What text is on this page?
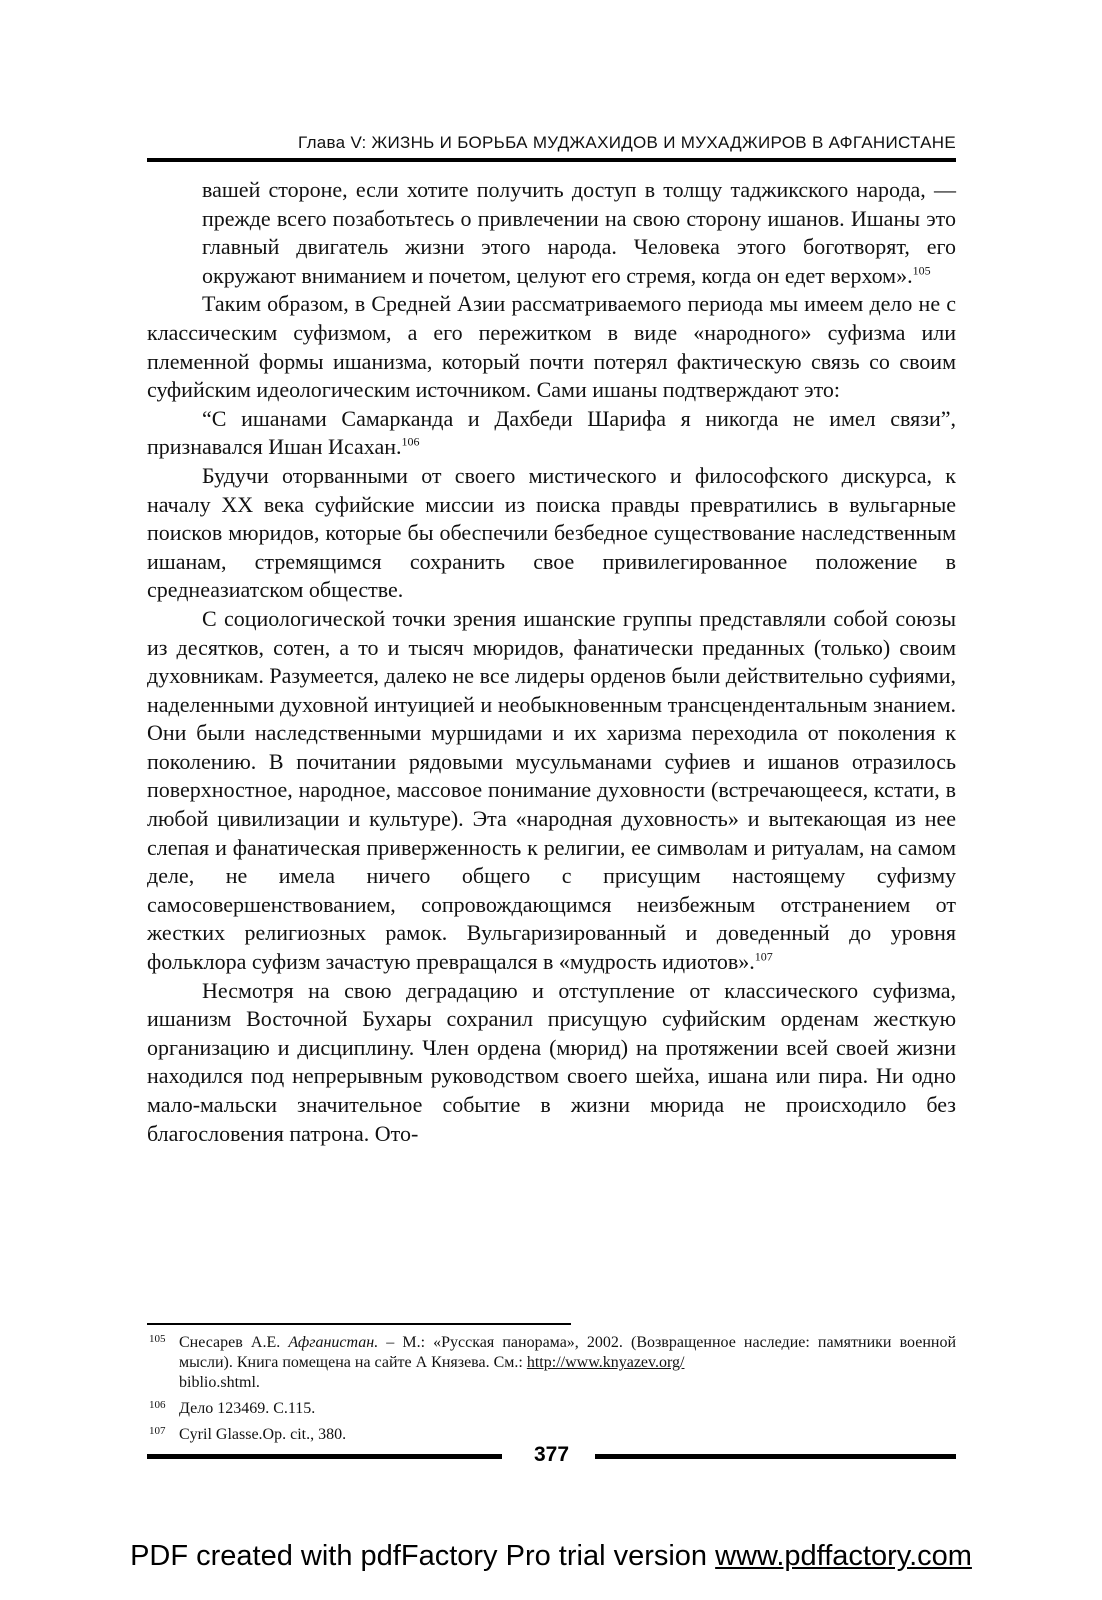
Глава V: ЖИЗНЬ И БОРЬБА МУДЖАХИДОВ И МУХАДЖИРОВ В АФГАНИСТАНЕ

вашей стороне, если хотите получить доступ в толщу таджикского народа, — прежде всего позаботьтесь о привлечении на свою сторону ишанов. Ишаны это главный двигатель жизни этого народа. Человека этого боготворят, его окружают вниманием и почетом, целуют его стремя, когда он едет верхом».$^{105}$

Таким образом, в Средней Азии рассматриваемого периода мы имеем дело не с классическим суфизмом, а его пережитком в виде «народного» суфизма или племенной формы ишанизма, который почти потерял фактическую связь со своим суфийским идеологическим источником. Сами ишаны подтверждают это:

“С ишанами Самарканда и Дахбеди Шарифа я никогда не имел связи”, признавался Ишан Исахан.$^{106}$

Будучи оторванными от своего мистического и философского дискурса, к началу XX века суфийские миссии из поиска правды превратились в вульгарные поисков мюридов, которые бы обеспечили безбедное существование наследственным ишанам, стремящимся сохранить свое привилегированное положение в среднеазиатском обществе.

С социологической точки зрения ишанские группы представляли собой союзы из десятков, сотен, а то и тысяч мюридов, фанатически преданных (только) своим духовникам. Разумеется, далеко не все лидеры орденов были действительно суфиями, наделенными духовной интуицией и необыкновенным трансцендентальным знанием. Они были наследственными муршидами и их харизма переходила от поколения к поколению. В почитании рядовыми мусульманами суфиев и ишанов отразилось поверхностное, народное, массовое понимание духовности (встречающееся, кстати, в любой цивилизации и культуре). Эта «народная духовность» и вытекающая из нее слепая и фанатическая приверженность к религии, ее символам и ритуалам, на самом деле, не имела ничего общего с присущим настоящему суфизму самосовершенствованием, сопровождающимся неизбежным отстранением от жестких религиозных рамок. Вульгаризированный и доведенный до уровня фольклора суфизм зачастую превращался в «мудрость идиотов».$^{107}$

Несмотря на свою деградацию и отступление от классического суфизма, ишанизм Восточной Бухары сохранил присущую суфийским орденам жесткую организацию и дисциплину. Член ордена (мюрид) на протяжении всей своей жизни находился под непрерывным руководством своего шейха, ишана или пира. Ни одно мало-мальски значительное событие в жизни мюрида не происходило без благословения патрона. Ото-

105 Снесарев А.Е. Афганистан. – М.: «Русская панорама», 2002. (Возвращенное наследие: памятники военной мысли). Книга помещена на сайте А Князева. См.: http://www.knyazev.org/
biblio.shtml.
106 Дело 123469. С.115.
107 Cyril Glasse.Op. cit., 380.
377
PDF created with pdfFactory Pro trial version www.pdffactory.com
